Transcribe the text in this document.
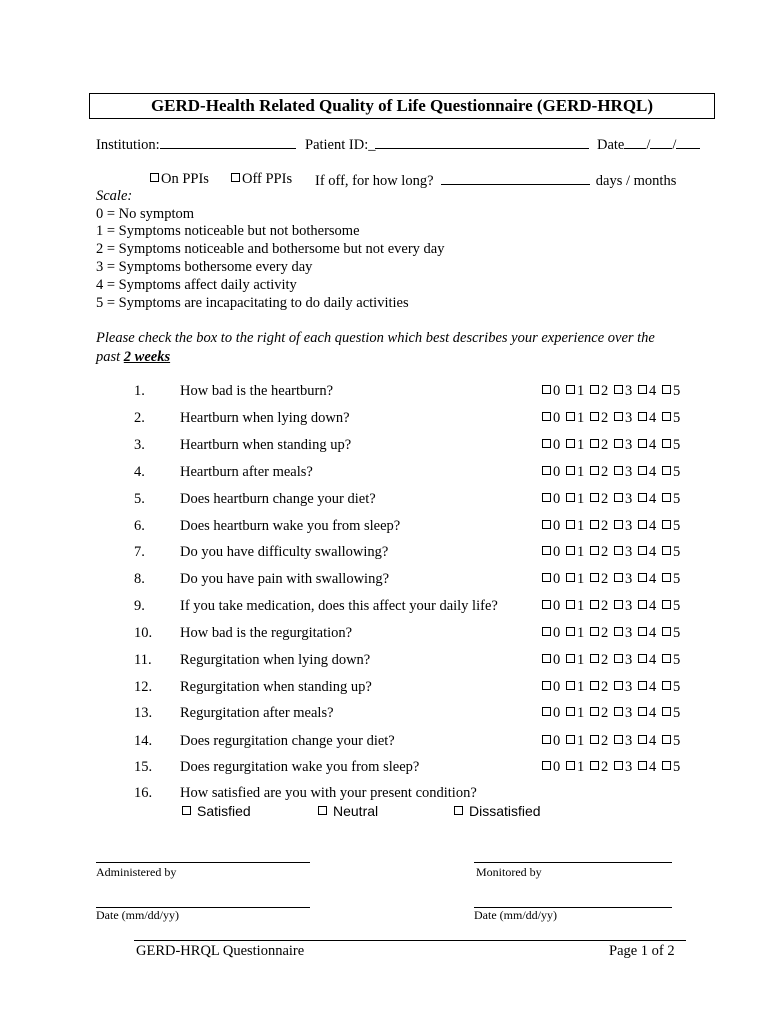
GERD-Health Related Quality of Life Questionnaire (GERD-HRQL)
Institution:	Patient ID:_	Date / /
On PPIs	Off PPIs If off, for how long?	days / months
Scale:
0 = No symptom
1 = Symptoms noticeable but not bothersome
2 = Symptoms noticeable and bothersome but not every day
3 = Symptoms bothersome every day
4 = Symptoms affect daily activity
5 = Symptoms are incapacitating to do daily activities
Please check the box to the right of each question which best describes your experience over the
past 2 weeks
1.	How bad is the heartburn?	0	1	2	3	4	5
2.	Heartburn when lying down?	0	1	2	3	4	5
3.	Heartburn when standing up?	0	1	2	3	4	5
4.	Heartburn after meals?	0	1	2	3	4	5
5.	Does heartburn change your diet?	0	1	2	3	4	5
6.	Does heartburn wake you from sleep?	0	1	2	3	4	5
7.	Do you have difficulty swallowing?	0	1	2	3	4	5
8.	Do you have pain with swallowing?	0	1	2	3	4	5
9.	If you take medication, does this affect your daily life?	0	1	2	3	4	5
10. How bad is the regurgitation?	0	1	2	3	4	5
11.	Regurgitation when lying down?	0	1	2	3	4	5
12. Regurgitation when standing up?	0	1	2	3	4	5
13. Regurgitation after meals?	0	1	2	3	4	5
14. Does regurgitation change your diet?	0	1	2	3	4	5
15. Does regurgitation wake you from sleep?	0	1	2	3	4	5
16. How satisfied are you with your present condition?
Satisfied	Neutral	Dissatisfied
Administered by	Monitored by
Date (mm/dd/yy)	Date (mm/dd/yy)
GERD-HRQL Questionnaire	Page 1 of 2
